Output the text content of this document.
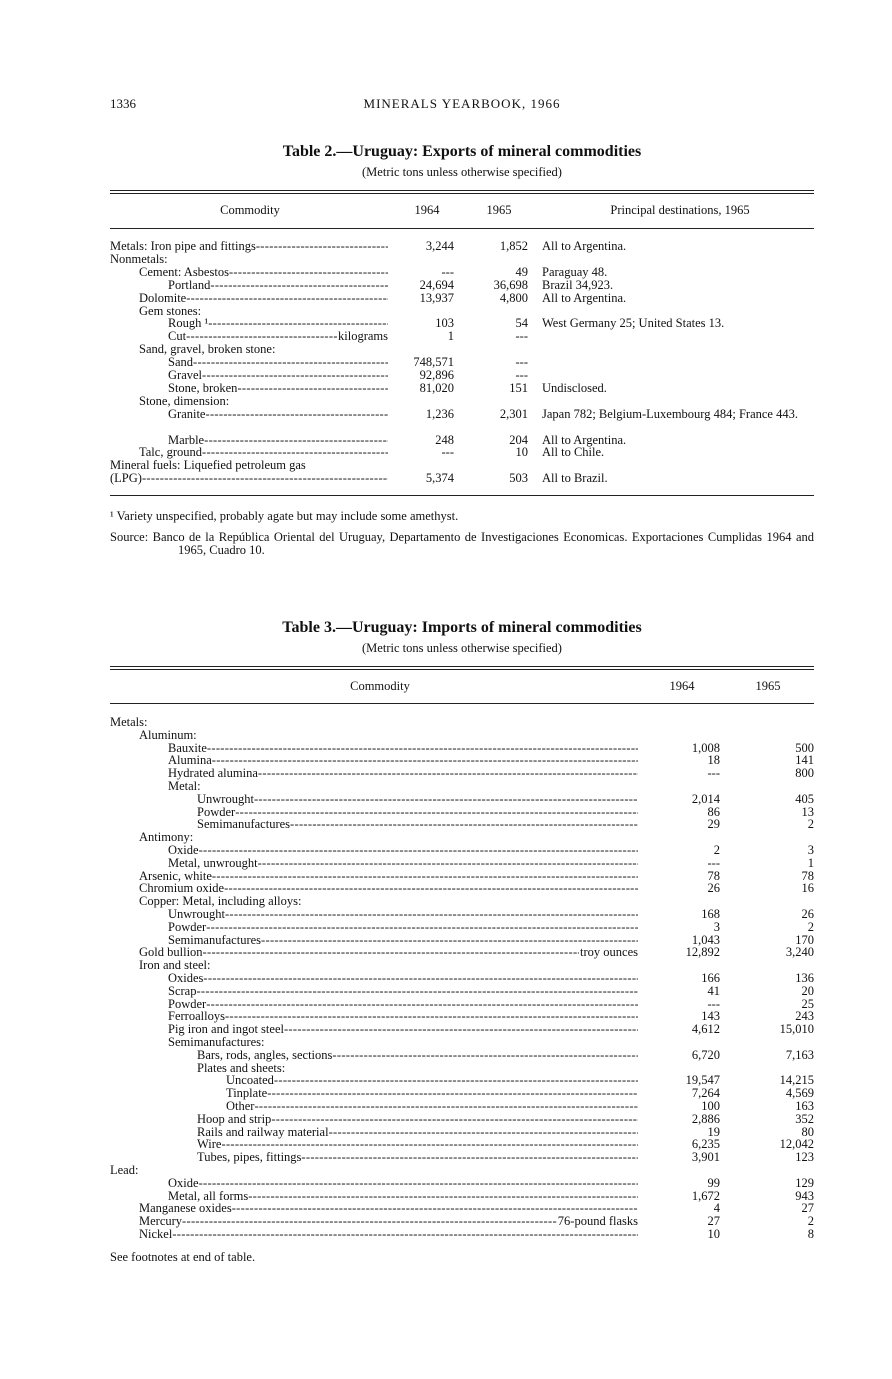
1336	MINERALS YEARBOOK, 1966
Table 2.—Uruguay: Exports of mineral commodities
(Metric tons unless otherwise specified)
Commodity	1964	1965	Principal destinations, 1965
Metals: Iron pipe and fittings -----	3,244	1,852 All to Argentina.
Nonmetals:
Cement: Asbestos -----	---	49 Paraguay 48.
Portland -----	24,694	36,698 Brazil 34,923.
Dolomite -----	13,937	4,800 All to Argentina.
Gem stones:
Rough ¹ -----	103	54 West Germany 25; United States 13.
Cut -----	kilograms	1	---
Sand, gravel, broken stone:
Sand -----	748,571	---
Gravel -----	92,896	---
Stone, broken -----	81,020	151 Undisclosed.
Stone, dimension:
Granite -----	1,236	2,301 Japan 782; Belgium-Luxembourg 484; France 443.
Marble -----	248	204 All to Argentina.
Talc, ground -----	---	10 All to Chile.
Mineral fuels: Liquefied petroleum gas
(LPG) -----	5,374	503 All to Brazil.
¹ Variety unspecified, probably agate but may include some amethyst.
Source: Banco de la República Oriental del Uruguay, Departamento de Investigaciones Economicas. Exportaciones Cumplidas 1964 and 1965, Cuadro 10.
Table 3.—Uruguay: Imports of mineral commodities
(Metric tons unless otherwise specified)
Commodity	1964	1965
Metals:
Aluminum:
Bauxite -----	1,008	500
Alumina -----	18	141
Hydrated alumina -----	---	800
Metal:
Unwrought -----	2,014	405
Powder -----	86	13
Semimanufactures -----	29	2
Antimony:
Oxide -----	2	3
Metal, unwrought -----	---	1
Arsenic, white -----	78	78
Chromium oxide -----	26	16
Copper: Metal, including alloys:
Unwrought -----	168	26
Powder -----	3	2
Semimanufactures -----	1,043	170
Gold bullion -----	troy ounces	12,892	3,240
Iron and steel:
Oxides -----	166	136
Scrap -----	41	20
Powder -----	---	25
Ferroalloys -----	143	243
Pig iron and ingot steel -----	4,612	15,010
Semimanufactures:
Bars, rods, angles, sections -----	6,720	7,163
Plates and sheets:
Uncoated -----	19,547	14,215
Tinplate -----	7,264	4,569
Other -----	100	163
Hoop and strip -----	2,886	352
Rails and railway material -----	19	80
Wire -----	6,235	12,042
Tubes, pipes, fittings -----	3,901	123
Lead:
Oxide -----	99	129
Metal, all forms -----	1,672	943
Manganese oxides -----	4	27
Mercury -----	76-pound flasks	27	2
Nickel -----	10	8
See footnotes at end of table.
